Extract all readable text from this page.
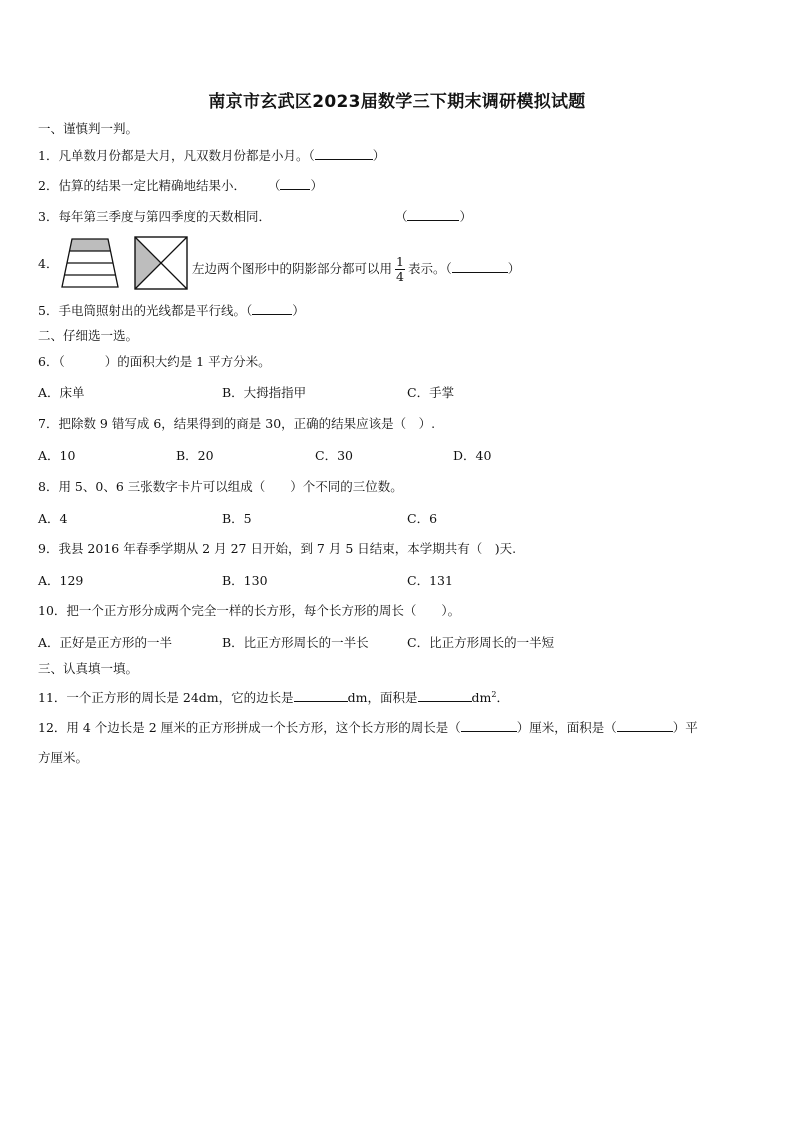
南京市玄武区2023届数学三下期末调研模拟试题
一、谨慎判一判。
1．凡单数月份都是大月，凡双数月份都是小月。（	）
2．估算的结果一定比精确地结果小． （ ）
3．每年第三季度与第四季度的天数相同．	（	）
4．	左边两个图形中的阴影部分都可以用 $\frac{1}{4}$ 表示。（	）
5．手电筒照射出的光线都是平行线。（	）
二、仔细选一选。
6．（	）的面积大约是 1 平方分米。
A．床单	B．大拇指指甲	C．手掌
7．把除数 9 错写成 6，结果得到的商是 30，正确的结果应该是（　）.
A．10	B．20	C．30	D．40
8．用 5、0、6 三张数字卡片可以组成（　　）个不同的三位数。
A．4	B．5	C．6
9．我县 2016 年春季学期从 2 月 27 日开始，到 7 月 5 日结束，本学期共有（　)天.
A．129	B．130	C．131
10．把一个正方形分成两个完全一样的长方形，每个长方形的周长（　　）。
A．正好是正方形的一半	B．比正方形周长的一半长	C．比正方形周长的一半短
三、认真填一填。
11．一个正方形的周长是 24dm，它的边长是	dm，面积是	$dm^2$．
12．用 4 个边长是 2 厘米的正方形拼成一个长方形，这个长方形的周长是（	）厘米，面积是（	）平
方厘米。
